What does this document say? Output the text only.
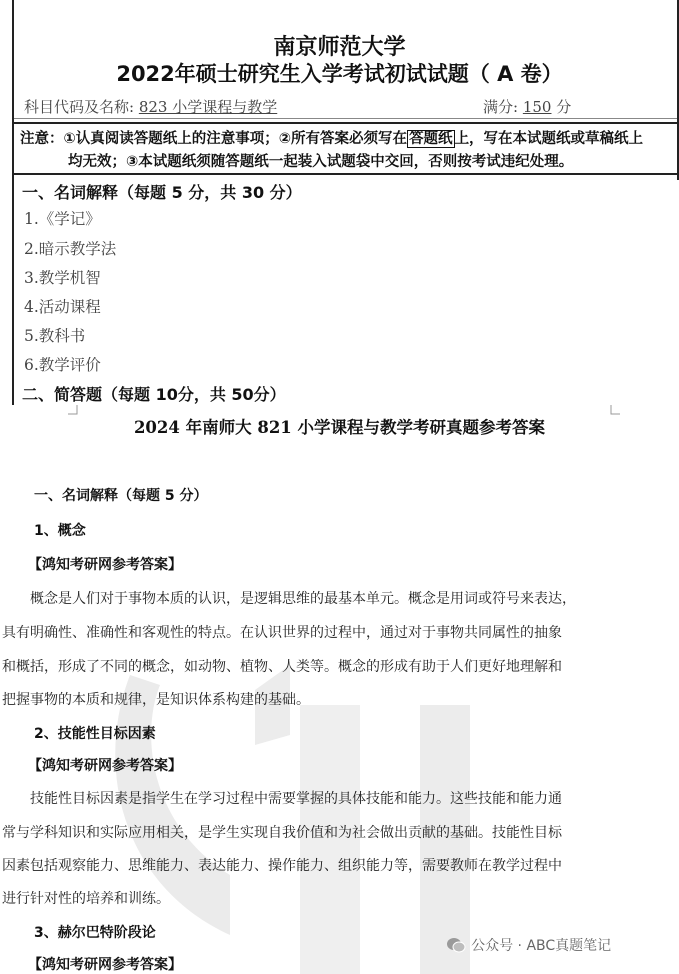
南京师范大学
2022年硕士研究生入学考试初试试题（ A 卷）
科目代码及名称: 823 小学课程与教学	满分: 150 分
注意：①认真阅读答题纸上的注意事项；②所有答案必须写在 答题纸 上，写在本试题纸或草稿纸上
均无效；③本试题纸须随答题纸一起装入试题袋中交回，否则按考试违纪处理。
一、名词解释（每题 5 分，共 30 分）
1.《学记》
2.暗示教学法
3.教学机智
4.活动课程
5.教科书
6.教学评价
二、简答题（每题 10分，共 50分）
2024 年南师大 821 小学课程与教学考研真题参考答案
一、名词解释（每题 5 分）
1、概念
【鸿知考研网参考答案】
概念是人们对于事物本质的认识，是逻辑思维的最基本单元。概念是用词或符号来表达，
具有明确性、准确性和客观性的特点。在认识世界的过程中，通过对于事物共同属性的抽象
和概括，形成了不同的概念，如动物、植物、人类等。概念的形成有助于人们更好地理解和
把握事物的本质和规律，是知识体系构建的基础。
2、技能性目标因素
【鸿知考研网参考答案】
技能性目标因素是指学生在学习过程中需要掌握的具体技能和能力。这些技能和能力通
常与学科知识和实际应用相关，是学生实现自我价值和为社会做出贡献的基础。技能性目标
因素包括观察能力、思维能力、表达能力、操作能力、组织能力等，需要教师在教学过程中
进行针对性的培养和训练。
3、赫尔巴特阶段论
【鸿知考研网参考答案】
公众号 · ABC真题笔记
